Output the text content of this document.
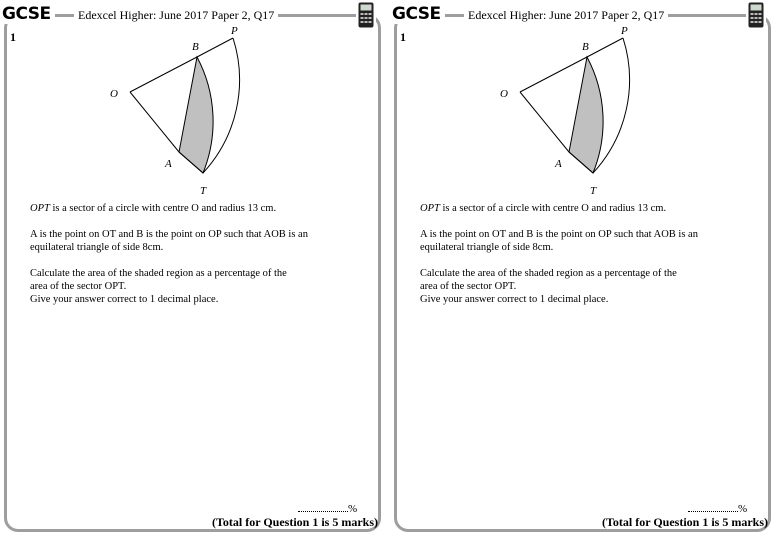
GCSE	Edexcel Higher: June 2017 Paper 2, Q17
1
O
P
B
A
T

OPT is a sector of a circle with centre O and radius 13 cm.

A is the point on OT and B is the point on OP such that AOB is an
equilateral triangle of side 8cm.

Calculate the area of the shaded region as a percentage of the
area of the sector OPT.
Give your answer correct to 1 decimal place.

%
(Total for Question 1 is 5 marks)
GCSE	Edexcel Higher: June 2017 Paper 2, Q17
1
O
P
B
A
T

OPT is a sector of a circle with centre O and radius 13 cm.

A is the point on OT and B is the point on OP such that AOB is an
equilateral triangle of side 8cm.

Calculate the area of the shaded region as a percentage of the
area of the sector OPT.
Give your answer correct to 1 decimal place.

%
(Total for Question 1 is 5 marks)
